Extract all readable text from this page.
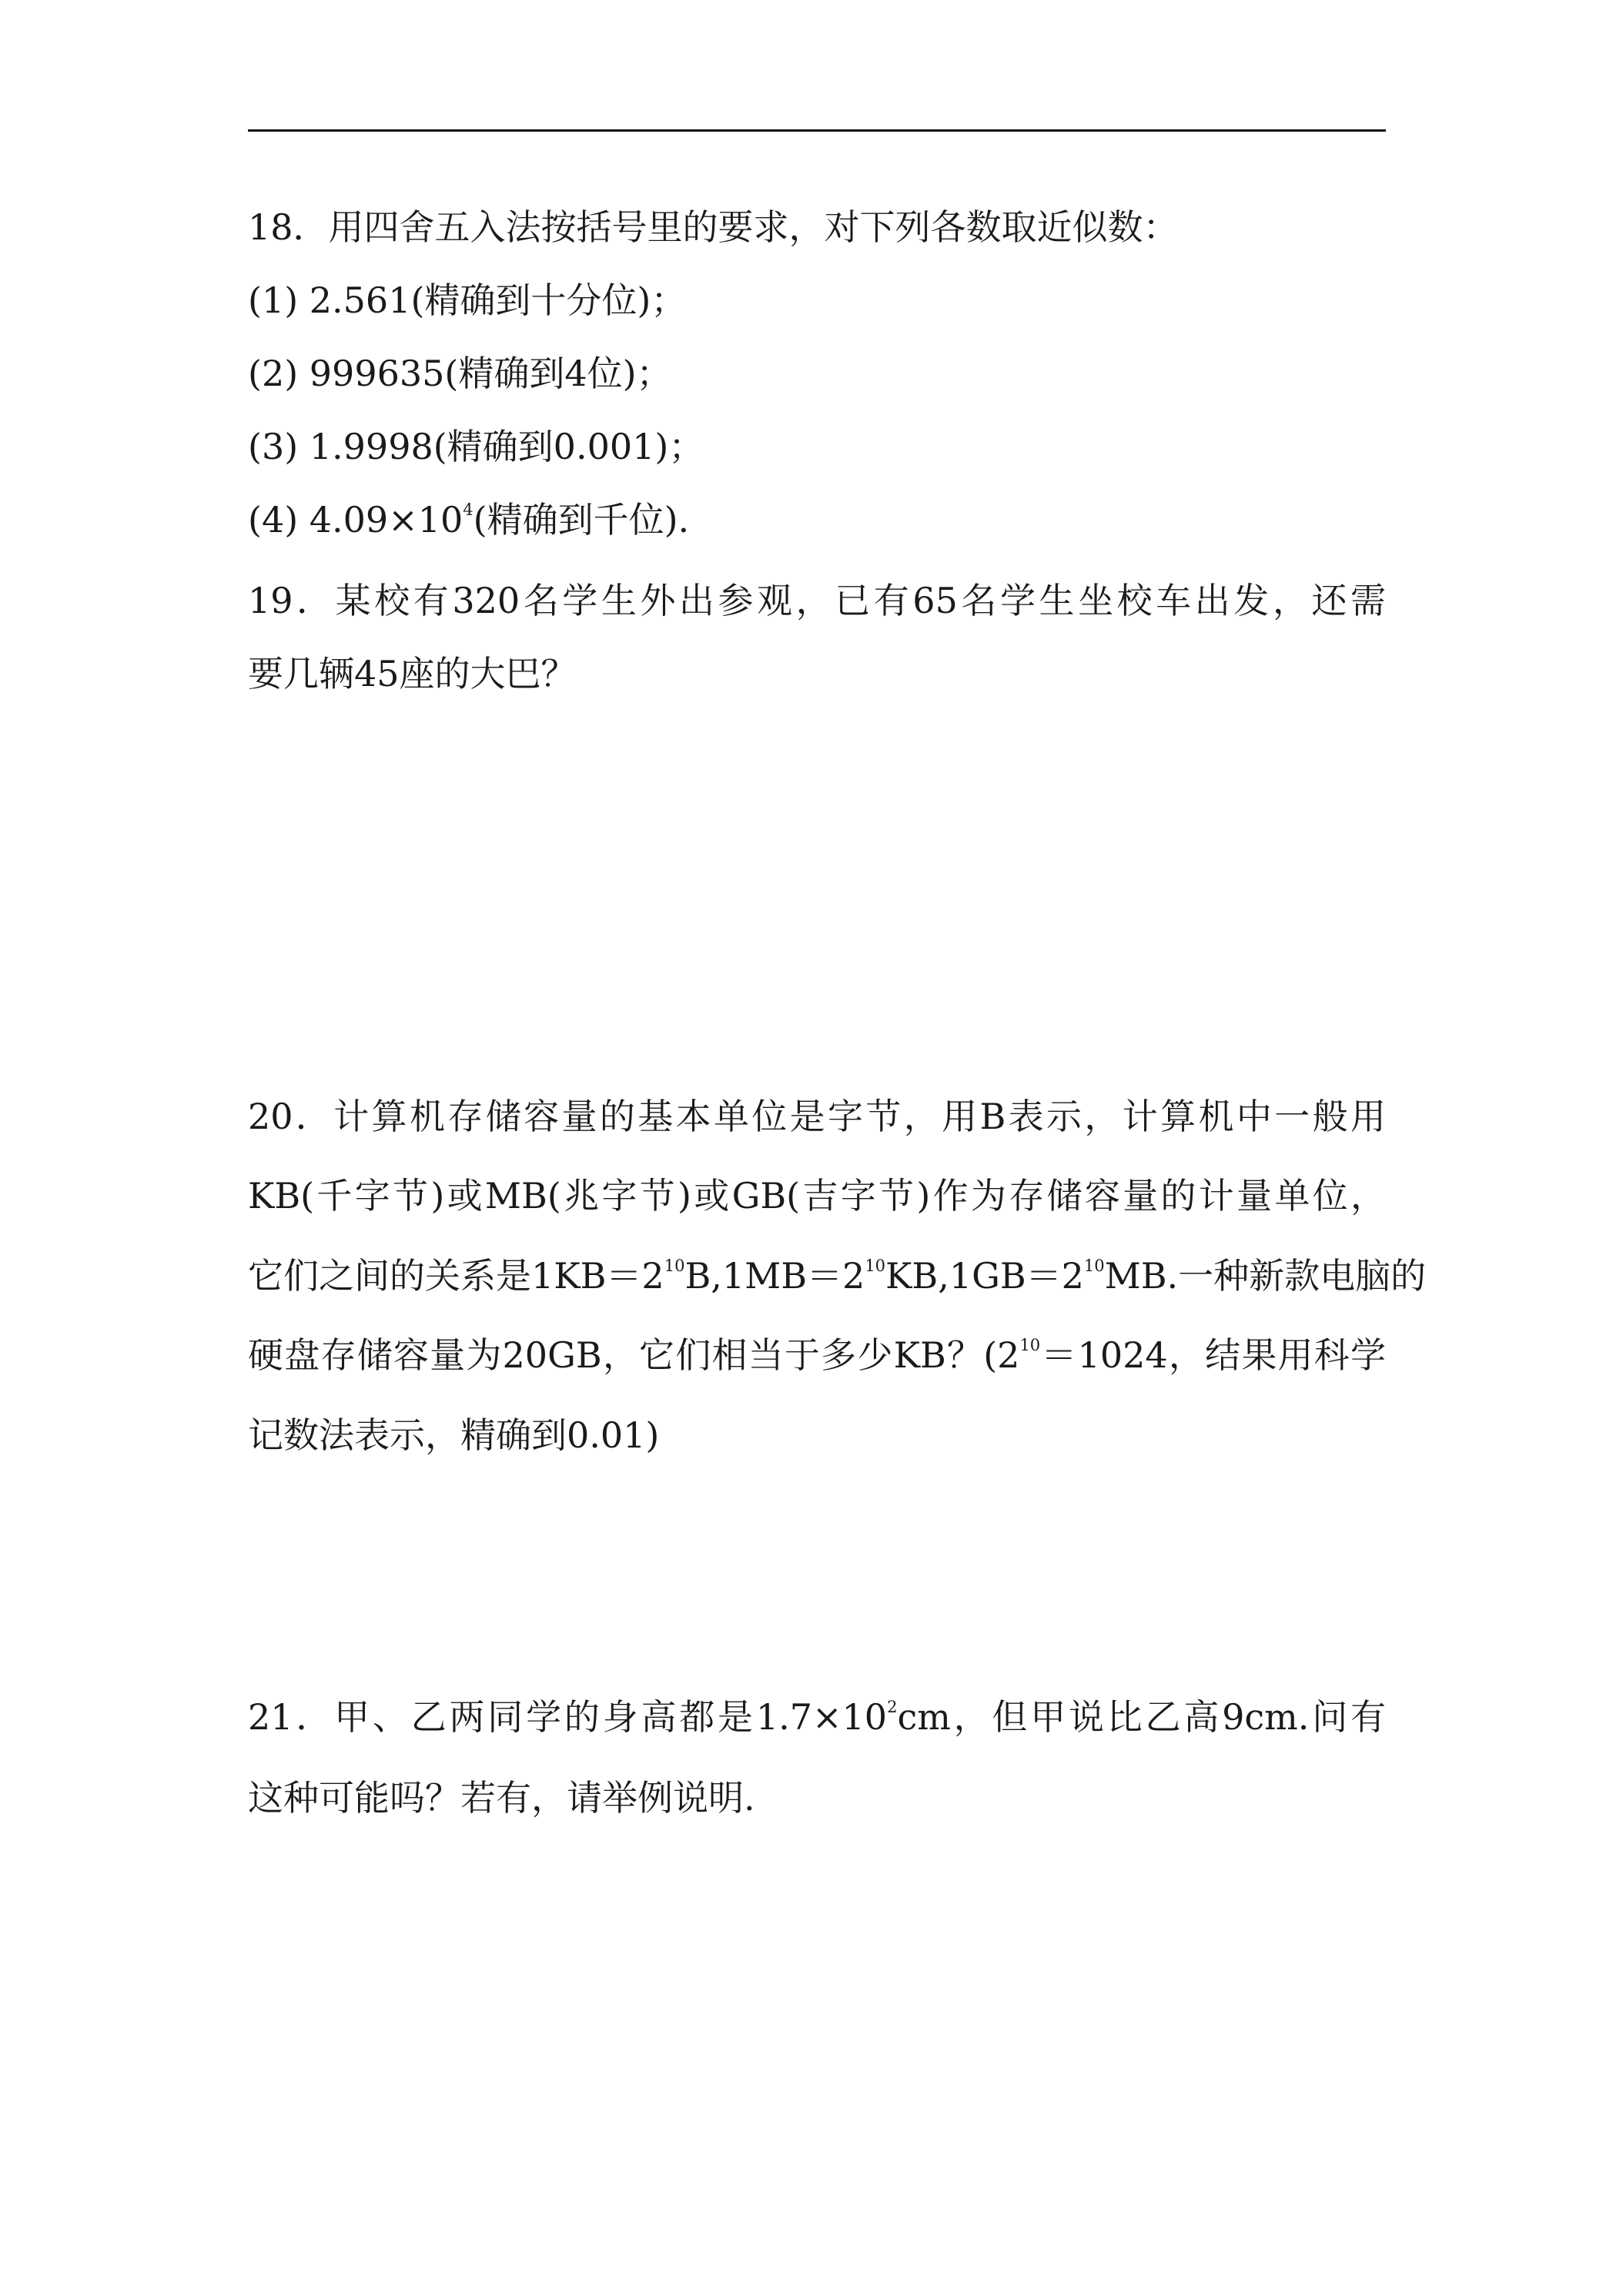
18．用四舍五入法按括号里的要求，对下列各数取近似数：
(1) 2.561(精确到十分位)；
(2) 999635(精确到4位)；
(3) 1.9998(精确到0.001)；
(4) $4.09\times 10^4$(精确到千位).
19．某校有320名学生外出参观，已有65名学生坐校车出发，还需
要几辆45座的大巴？
20．计算机存储容量的基本单位是字节，用B表示，计算机中一般用
KB(千字节)或MB(兆字节)或GB(吉字节)作为存储容量的计量单位，
它们之间的关系是$1KB=2^{10}B,1MB=2^{10}KB,1GB=2^{10}MB$.一种新款电脑的
硬盘存储容量为20GB，它们相当于多少KB？($2^{10}=1024$，结果用科学
记数法表示，精确到0.01)
21．甲、乙两同学的身高都是$1.7\times 10^2cm$，但甲说比乙高9cm.问有
这种可能吗？若有，请举例说明.
